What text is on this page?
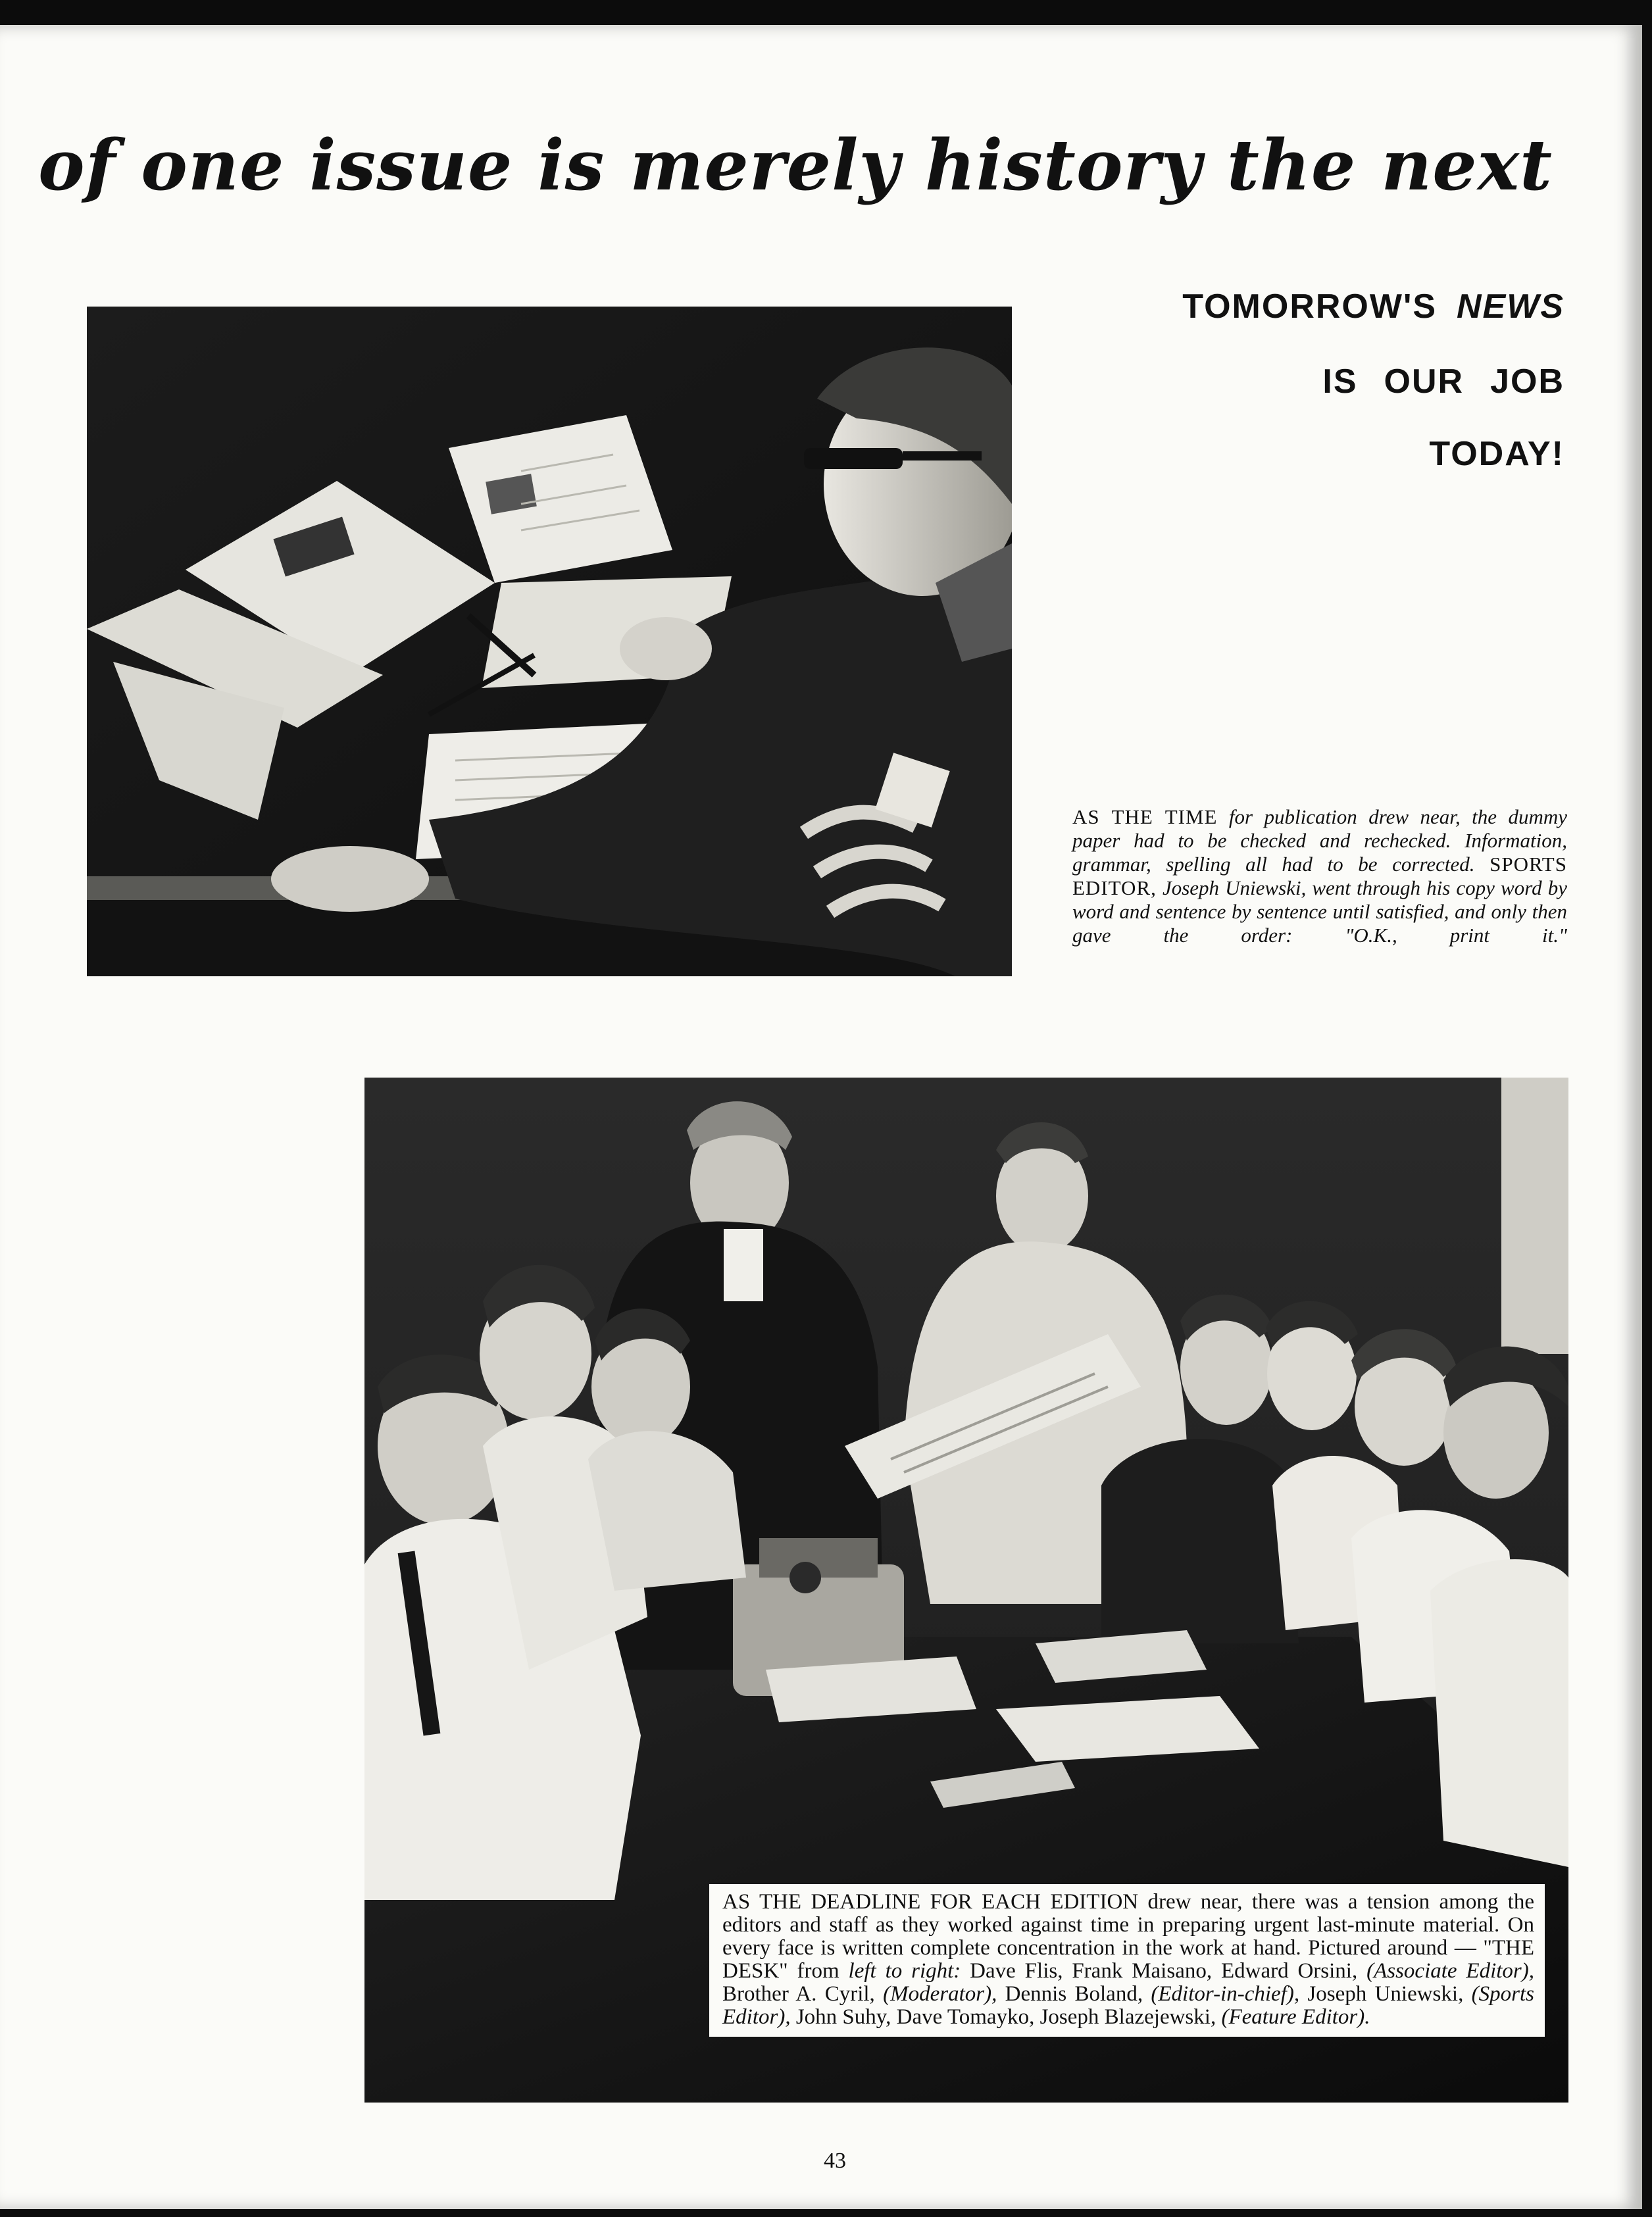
of one issue is merely history the next
TOMORROW'S NEWS
IS OUR JOB
TODAY!
AS THE TIME for publication drew near, the dummy paper had to be checked and rechecked. Information, grammar, spelling all had to be corrected. SPORTS EDITOR, Joseph Uniewski, went through his copy word by word and sentence by sentence until satisfied, and only then gave the order: "O.K., print it."
AS THE DEADLINE FOR EACH EDITION drew near, there was a tension among the editors and staff as they worked against time in preparing urgent last-minute material. On every face is written complete concentration in the work at hand. Pictured around — "THE DESK" from left to right: Dave Flis, Frank Maisano, Edward Orsini, (Associate Editor), Brother A. Cyril, (Moderator), Dennis Boland, (Editor-in-chief), Joseph Uniewski, (Sports Editor), John Suhy, Dave Tomayko, Joseph Blazejewski, (Feature Editor).
43
